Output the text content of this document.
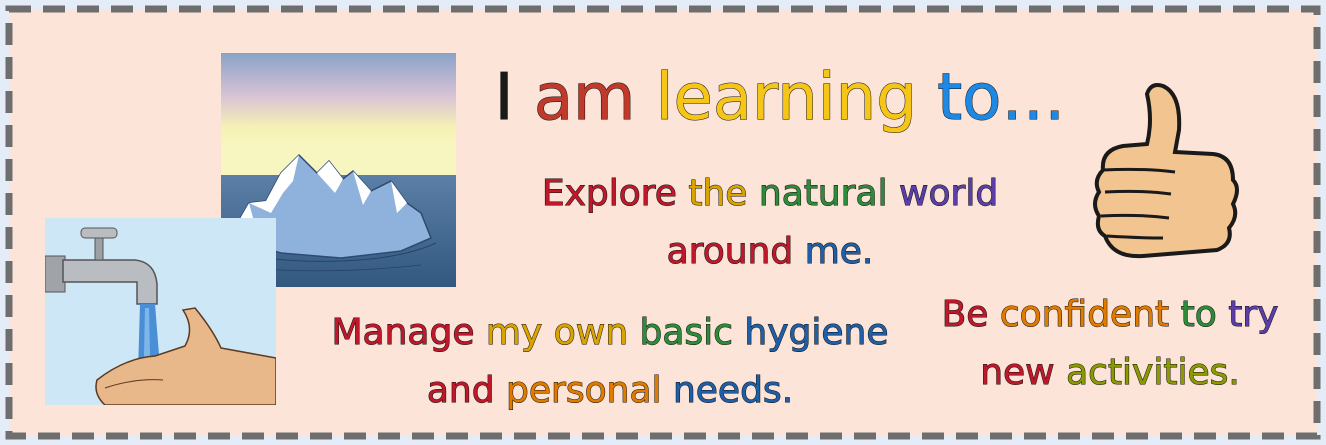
I am learning to…
Explore the natural world
around me.
Manage my own basic hygiene
and personal needs.
Be confident to try
new activities.
